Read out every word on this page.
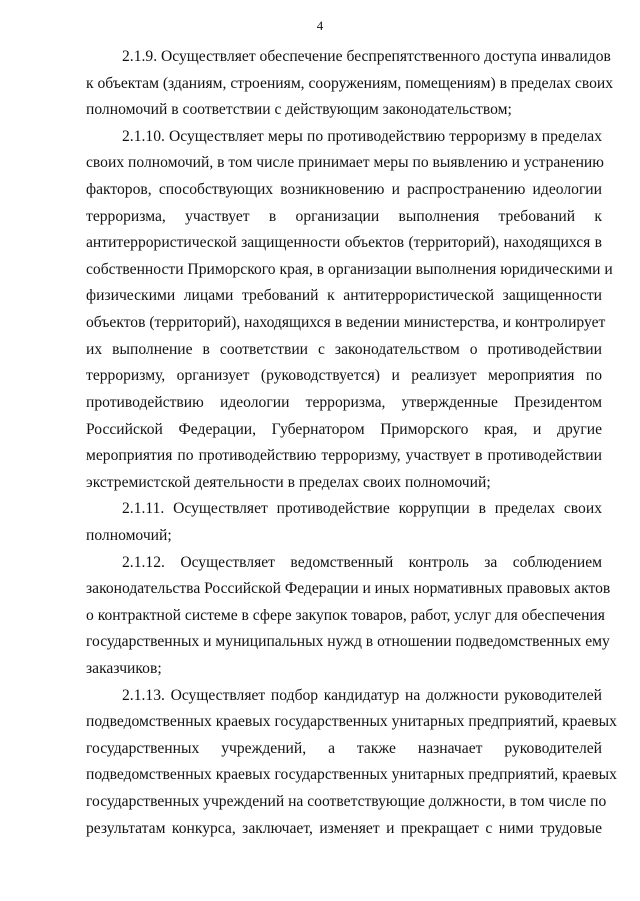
4
2.1.9. Осуществляет обеспечение беспрепятственного доступа инвалидов
к объектам (зданиям, строениям, сооружениям, помещениям) в пределах своих
полномочий в соответствии с действующим законодательством;
2.1.10. Осуществляет меры по противодействию терроризму в пределах
своих полномочий, в том числе принимает меры по выявлению и устранению
факторов, способствующих возникновению и распространению идеологии
терроризма, участвует в организации выполнения требований к
антитеррористической защищенности объектов (территорий), находящихся в
собственности Приморского края, в организации выполнения юридическими и
физическими лицами требований к антитеррористической защищенности
объектов (территорий), находящихся в ведении министерства, и контролирует
их выполнение в соответствии с законодательством о противодействии
терроризму, организует (руководствуется) и реализует мероприятия по
противодействию идеологии терроризма, утвержденные Президентом
Российской Федерации, Губернатором Приморского края, и другие
мероприятия по противодействию терроризму, участвует в противодействии
экстремистской деятельности в пределах своих полномочий;
2.1.11. Осуществляет противодействие коррупции в пределах своих
полномочий;
2.1.12. Осуществляет ведомственный контроль за соблюдением
законодательства Российской Федерации и иных нормативных правовых актов
о контрактной системе в сфере закупок товаров, работ, услуг для обеспечения
государственных и муниципальных нужд в отношении подведомственных ему
заказчиков;
2.1.13. Осуществляет подбор кандидатур на должности руководителей
подведомственных краевых государственных унитарных предприятий, краевых
государственных учреждений, а также назначает руководителей
подведомственных краевых государственных унитарных предприятий, краевых
государственных учреждений на соответствующие должности, в том числе по
результатам конкурса, заключает, изменяет и прекращает с ними трудовые
